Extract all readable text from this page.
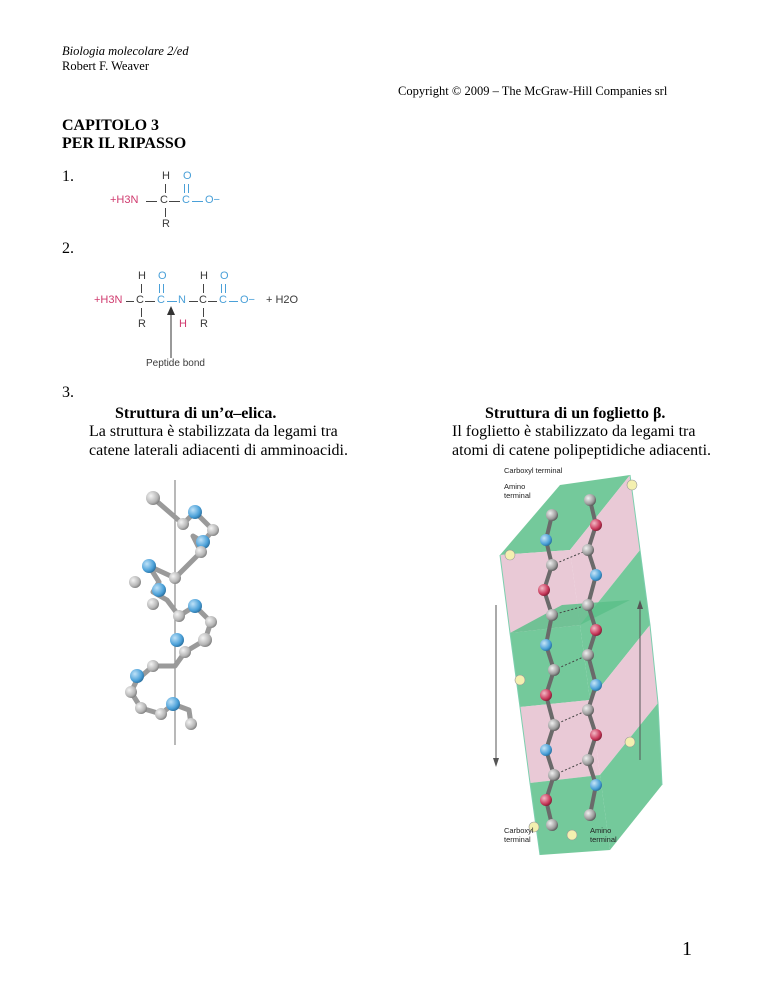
Biologia molecolare 2/ed
Robert F. Weaver
Copyright © 2009 – The McGraw-Hill Companies srl
CAPITOLO 3
PER IL RIPASSO
1.	H O
+H3N C C O−
R
2.
H O	H O
+H3N C C N C C O− + H2O
R	H R
Peptide bond
3.
Struttura di un’α–elica.
La struttura è stabilizzata da legami tra
catene laterali adiacenti di amminoacidi.
Struttura di un foglietto β.
Il foglietto è stabilizzato da legami tra
atomi di catene polipeptidiche adiacenti.
Carboxyl terminal
Amino
terminal
Carboxyl
terminal
Amino
terminal
1
